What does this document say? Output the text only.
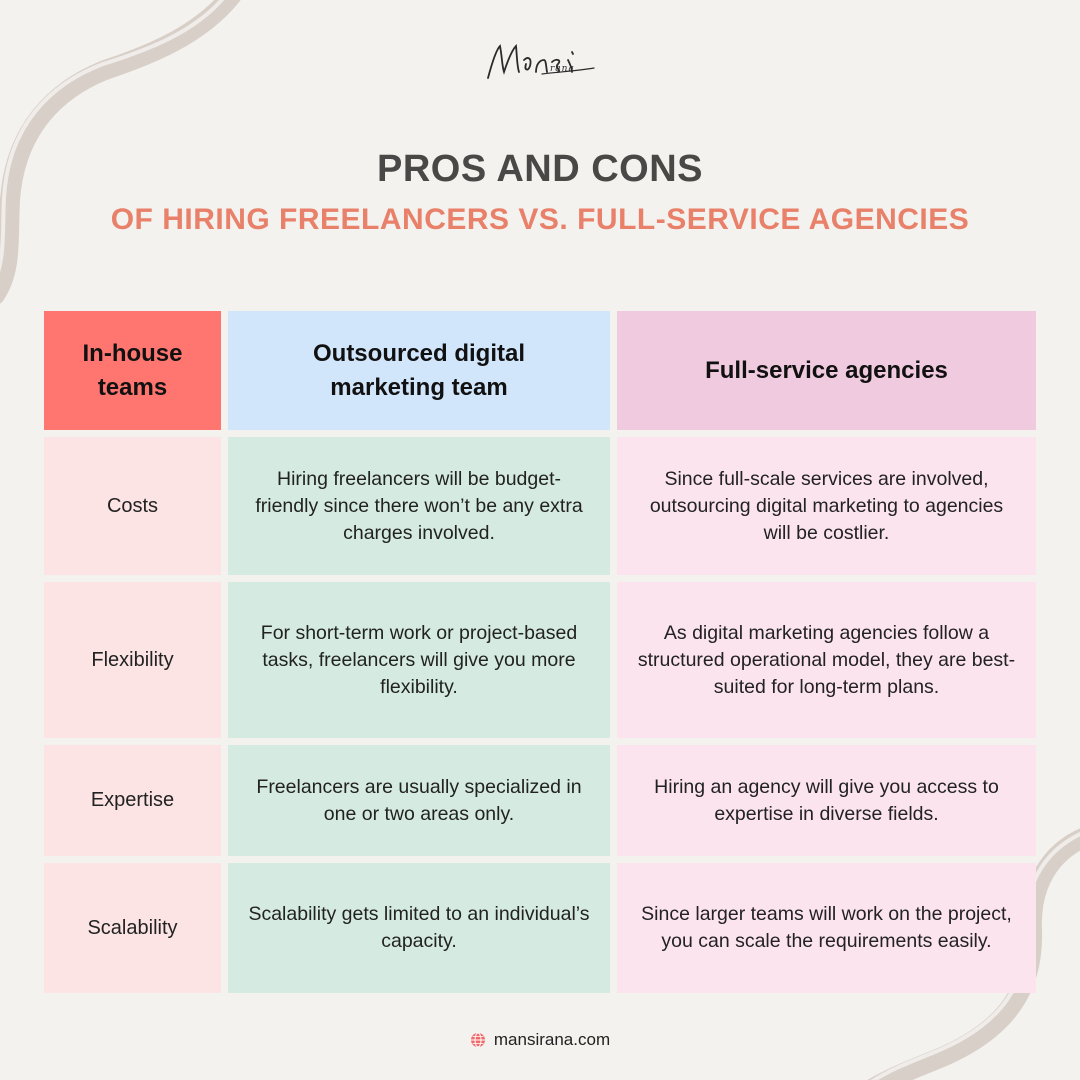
rana
PROS AND CONS
OF HIRING FREELANCERS VS. FULL-SERVICE AGENCIES
In-house teams
Outsourced digital marketing team
Full-service agencies
Costs
Hiring freelancers will be budget-friendly since there won’t be any extra charges involved.
Since full-scale services are involved, outsourcing digital marketing to agencies will be costlier.
Flexibility
For short-term work or project-based tasks, freelancers will give you more flexibility.
As digital marketing agencies follow a structured operational model, they are best-suited for long-term plans.
Expertise
Freelancers are usually specialized in one or two areas only.
Hiring an agency will give you access to expertise in diverse fields.
Scalability
Scalability gets limited to an individual’s capacity.
Since larger teams will work on the project, you can scale the requirements easily.
mansirana.com
